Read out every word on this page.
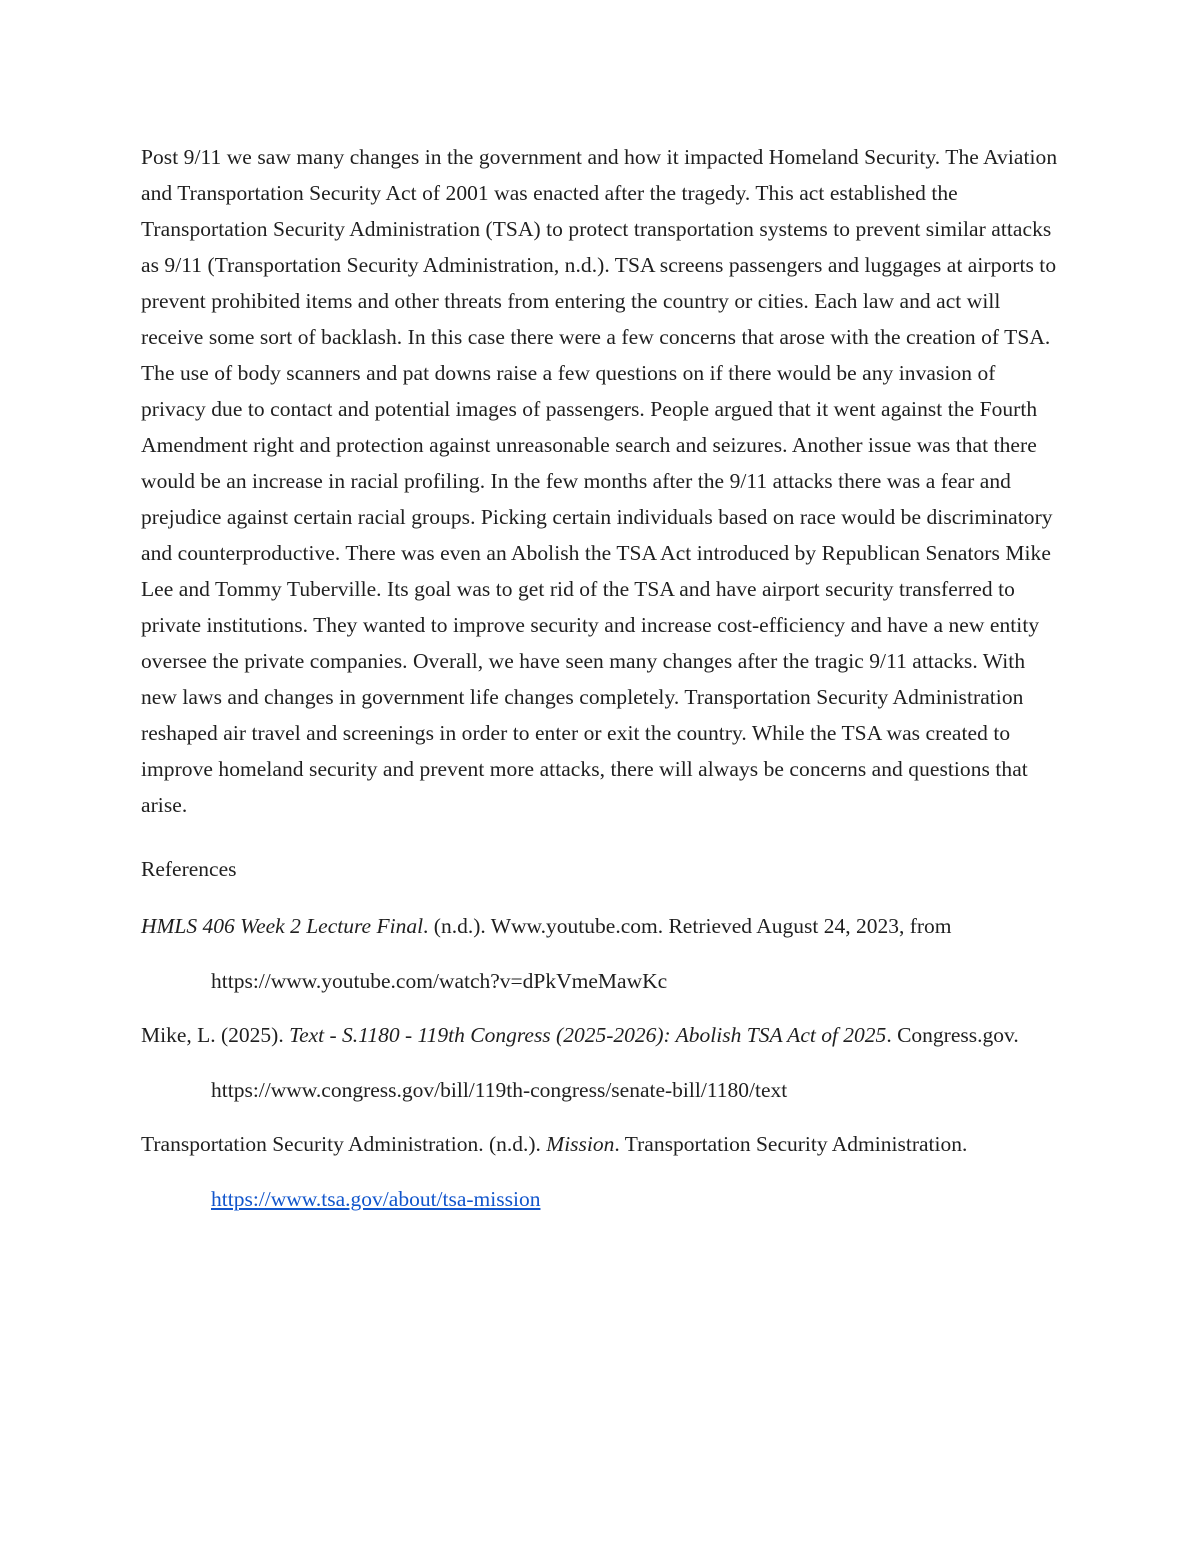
Post 9/11 we saw many changes in the government and how it impacted Homeland Security. The Aviation and Transportation Security Act of 2001 was enacted after the tragedy. This act established the Transportation Security Administration (TSA) to protect transportation systems to prevent similar attacks as 9/11 (Transportation Security Administration, n.d.). TSA screens passengers and luggages at airports to prevent prohibited items and other threats from entering the country or cities. Each law and act will receive some sort of backlash. In this case there were a few concerns that arose with the creation of TSA. The use of body scanners and pat downs raise a few questions on if there would be any invasion of privacy due to contact and potential images of passengers. People argued that it went against the Fourth Amendment right and protection against unreasonable search and seizures. Another issue was that there would be an increase in racial profiling. In the few months after the 9/11 attacks there was a fear and prejudice against certain racial groups. Picking certain individuals based on race would be discriminatory and counterproductive. There was even an Abolish the TSA Act introduced by Republican Senators Mike Lee and Tommy Tuberville. Its goal was to get rid of the TSA and have airport security transferred to private institutions. They wanted to improve security and increase cost-efficiency and have a new entity oversee the private companies. Overall, we have seen many changes after the tragic 9/11 attacks. With new laws and changes in government life changes completely. Transportation Security Administration reshaped air travel and screenings in order to enter or exit the country. While the TSA was created to improve homeland security and prevent more attacks, there will always be concerns and questions that arise.

References

HMLS 406 Week 2 Lecture Final. (n.d.). Www.youtube.com. Retrieved August 24, 2023, from https://www.youtube.com/watch?v=dPkVmeMawKc

Mike, L. (2025). Text - S.1180 - 119th Congress (2025-2026): Abolish TSA Act of 2025. Congress.gov. https://www.congress.gov/bill/119th-congress/senate-bill/1180/text

Transportation Security Administration. (n.d.). Mission. Transportation Security Administration. https://www.tsa.gov/about/tsa-mission
